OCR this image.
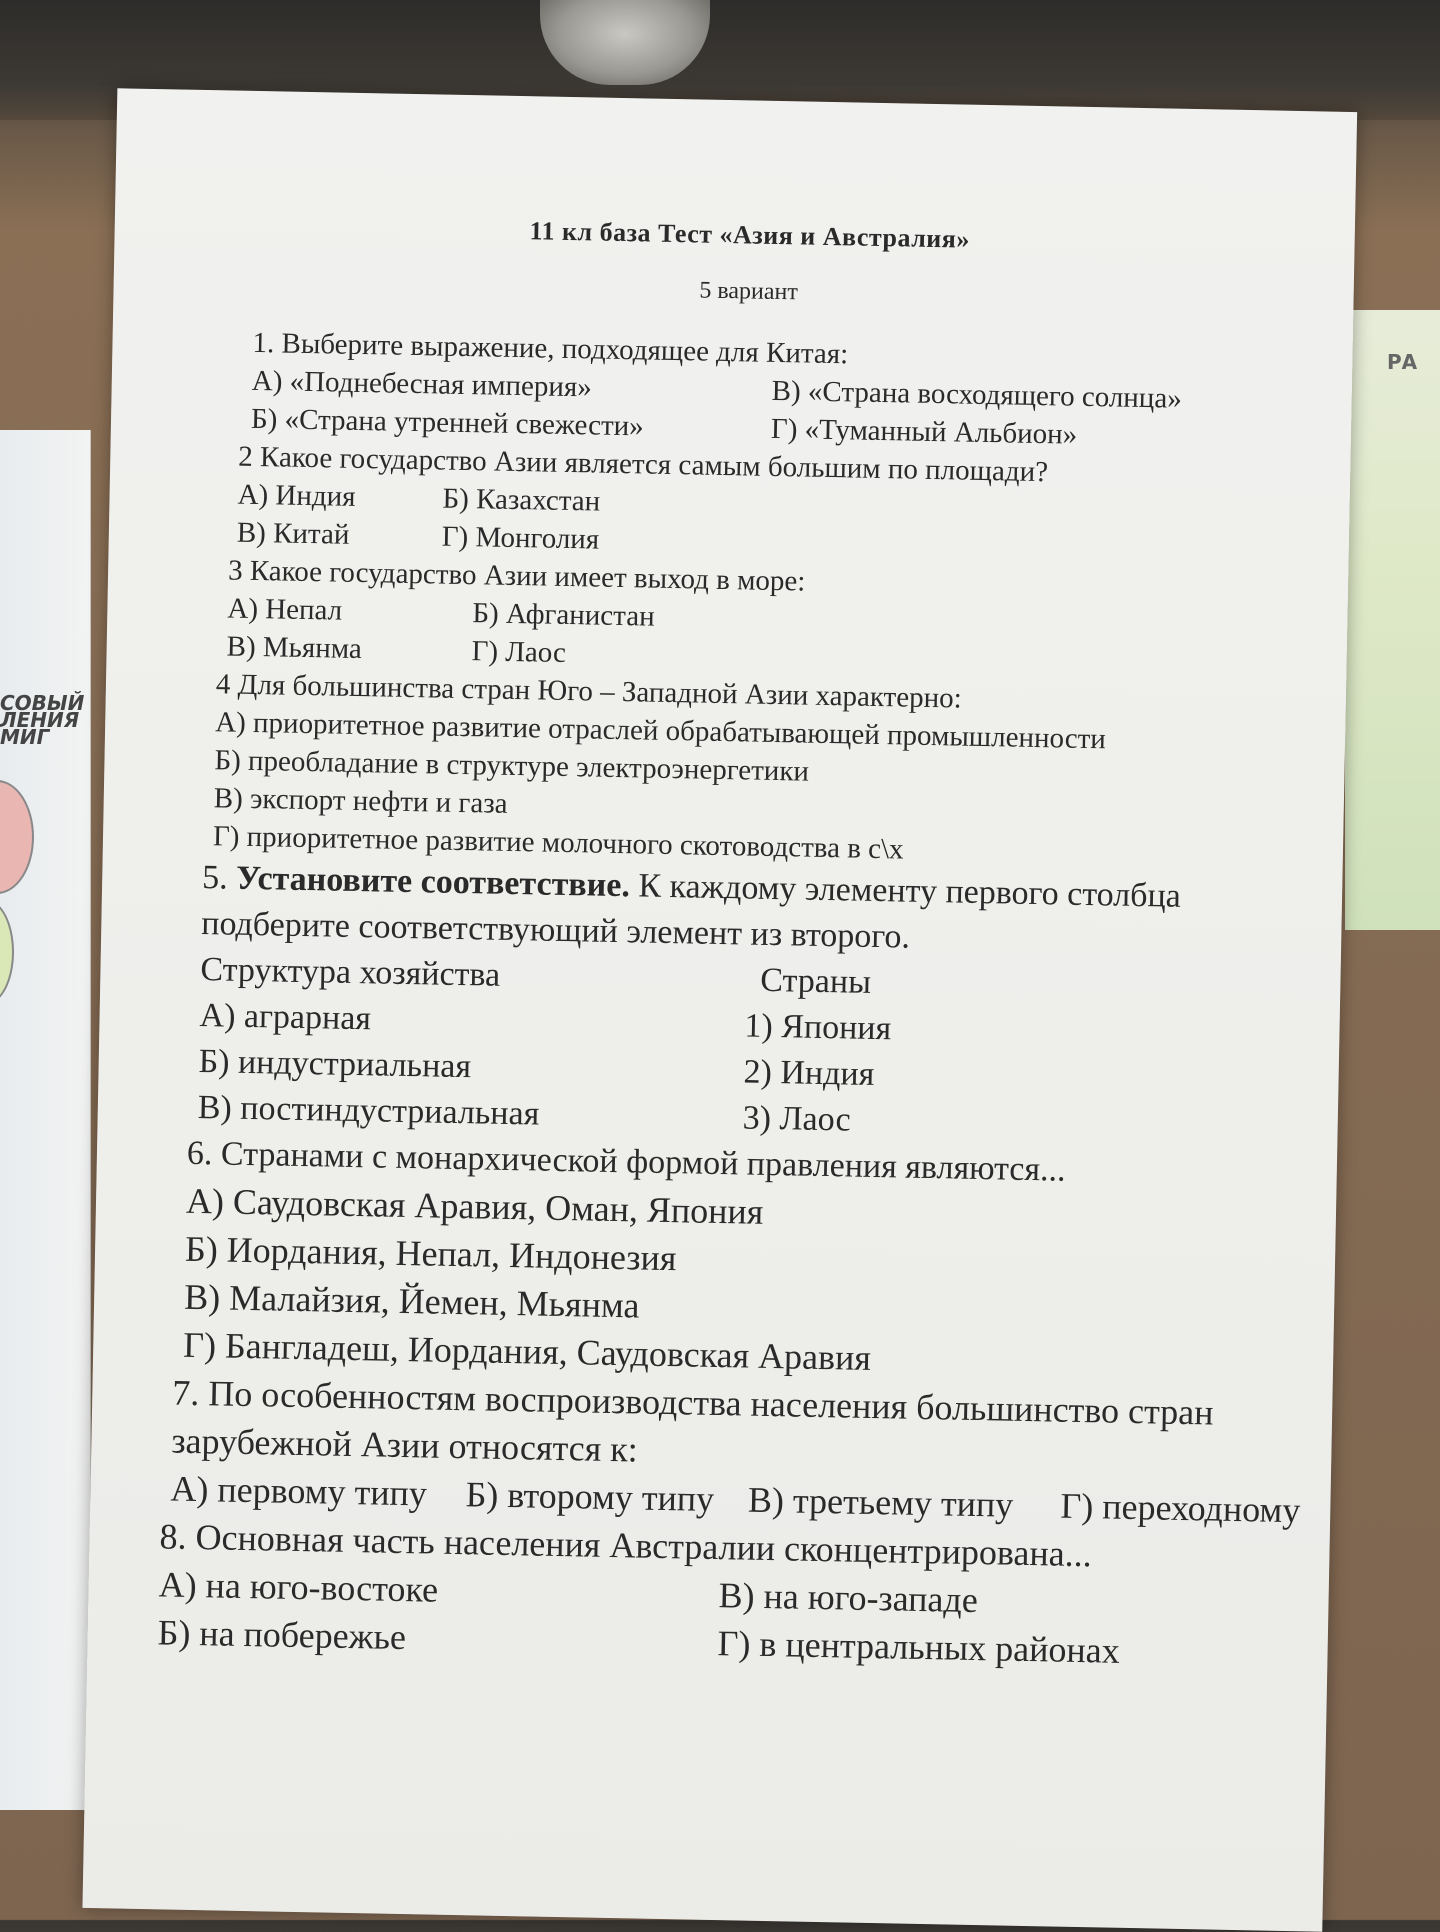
СОВЫЙ
ЛЕНИЯ
МИГ
РА
11 кл база Тест «Азия и Австралия»
5 вариант
1. Выберите выражение, подходящее для Китая:
А) «Поднебесная империя»	В) «Страна восходящего солнца»
Б) «Страна утренней свежести»	Г) «Туманный Альбион»
2 Какое государство Азии является самым большим по площади?
А) Индия	Б) Казахстан
В) Китай	Г) Монголия
3 Какое государство Азии имеет выход в море:
А) Непал	Б) Афганистан
В) Мьянма	Г) Лаос
4 Для большинства стран Юго – Западной Азии характерно:
А) приоритетное развитие отраслей обрабатывающей промышленности
Б) преобладание в структуре электроэнергетики
В) экспорт нефти и газа
Г) приоритетное развитие молочного скотоводства в с\х
5. Установите соответствие. К каждому элементу первого столбца
подберите соответствующий элемент из второго.
Структура хозяйства	Страны
А) аграрная	1) Япония
Б) индустриальная	2) Индия
В) постиндустриальная	3) Лаос
6. Странами с монархической формой правления являются...
А) Саудовская Аравия, Оман, Япония
Б) Иордания, Непал, Индонезия
В) Малайзия, Йемен, Мьянма
Г) Бангладеш, Иордания, Саудовская Аравия
7. По особенностям воспроизводства населения большинство стран
зарубежной Азии относятся к:
А) первому типу	Б) второму типу В) третьему типу	Г) переходному
8. Основная часть населения Австралии сконцентрирована...
А) на юго-востоке	В) на юго-западе
Б) на побережье	Г) в центральных районах
